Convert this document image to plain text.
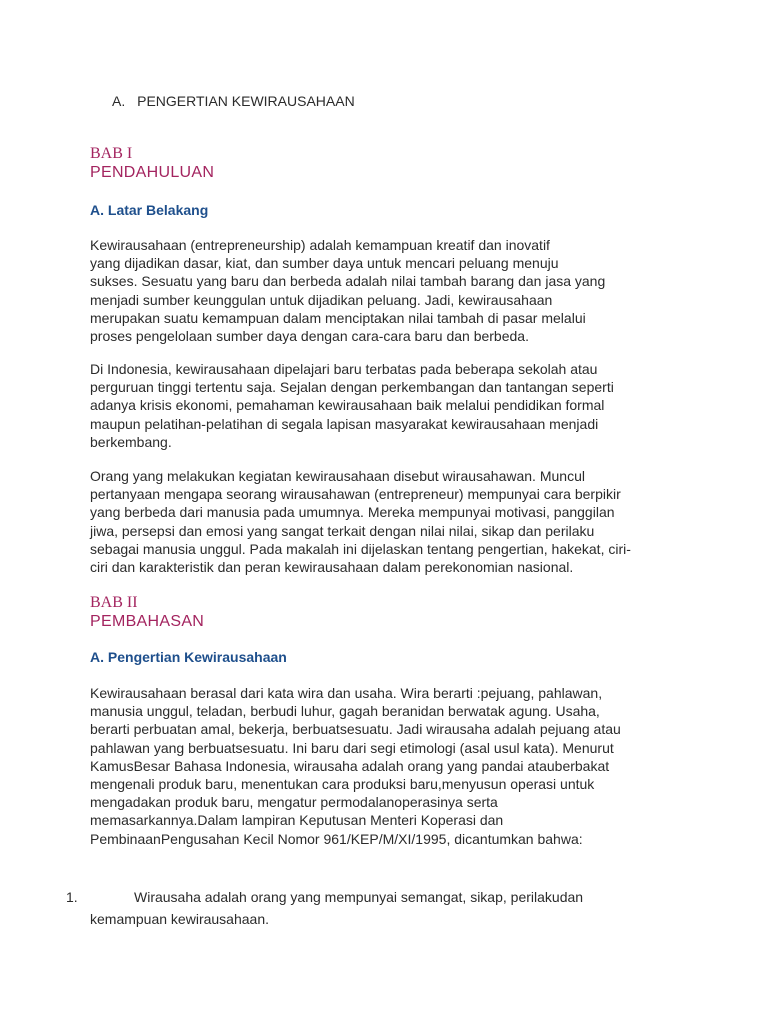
A. PENGERTIAN KEWIRAUSAHAAN
BAB I
PENDAHULUAN
A. Latar Belakang
Kewirausahaan (entrepreneurship) adalah kemampuan kreatif dan inovatif
yang dijadikan dasar, kiat, dan sumber daya untuk mencari peluang menuju
sukses. Sesuatu yang baru dan berbeda adalah nilai tambah barang dan jasa yang
menjadi sumber keunggulan untuk dijadikan peluang. Jadi, kewirausahaan
merupakan suatu kemampuan dalam menciptakan nilai tambah di pasar melalui
proses pengelolaan sumber daya dengan cara-cara baru dan berbeda.
Di Indonesia, kewirausahaan dipelajari baru terbatas pada beberapa sekolah atau
perguruan tinggi tertentu saja. Sejalan dengan perkembangan dan tantangan seperti
adanya krisis ekonomi, pemahaman kewirausahaan baik melalui pendidikan formal
maupun pelatihan-pelatihan di segala lapisan masyarakat kewirausahaan menjadi
berkembang.
Orang yang melakukan kegiatan kewirausahaan disebut wirausahawan. Muncul
pertanyaan mengapa seorang wirausahawan (entrepreneur) mempunyai cara berpikir
yang berbeda dari manusia pada umumnya. Mereka mempunyai motivasi, panggilan
jiwa, persepsi dan emosi yang sangat terkait dengan nilai nilai, sikap dan perilaku
sebagai manusia unggul. Pada makalah ini dijelaskan tentang pengertian, hakekat, ciri-
ciri dan karakteristik dan peran kewirausahaan dalam perekonomian nasional.
BAB II
PEMBAHASAN
A. Pengertian Kewirausahaan
Kewirausahaan berasal dari kata wira dan usaha. Wira berarti :pejuang, pahlawan,
manusia unggul, teladan, berbudi luhur, gagah beranidan berwatak agung. Usaha,
berarti perbuatan amal, bekerja, berbuatsesuatu. Jadi wirausaha adalah pejuang atau
pahlawan yang berbuatsesuatu. Ini baru dari segi etimologi (asal usul kata). Menurut
KamusBesar Bahasa Indonesia, wirausaha adalah orang yang pandai atauberbakat
mengenali produk baru, menentukan cara produksi baru,menyusun operasi untuk
mengadakan produk baru, mengatur permodalanoperasinya serta
memasarkannya.Dalam lampiran Keputusan Menteri Koperasi dan
PembinaanPengusahan Kecil Nomor 961/KEP/M/XI/1995, dicantumkan bahwa:
1.	Wirausaha adalah orang yang mempunyai semangat, sikap, perilakudan
kemampuan kewirausahaan.
